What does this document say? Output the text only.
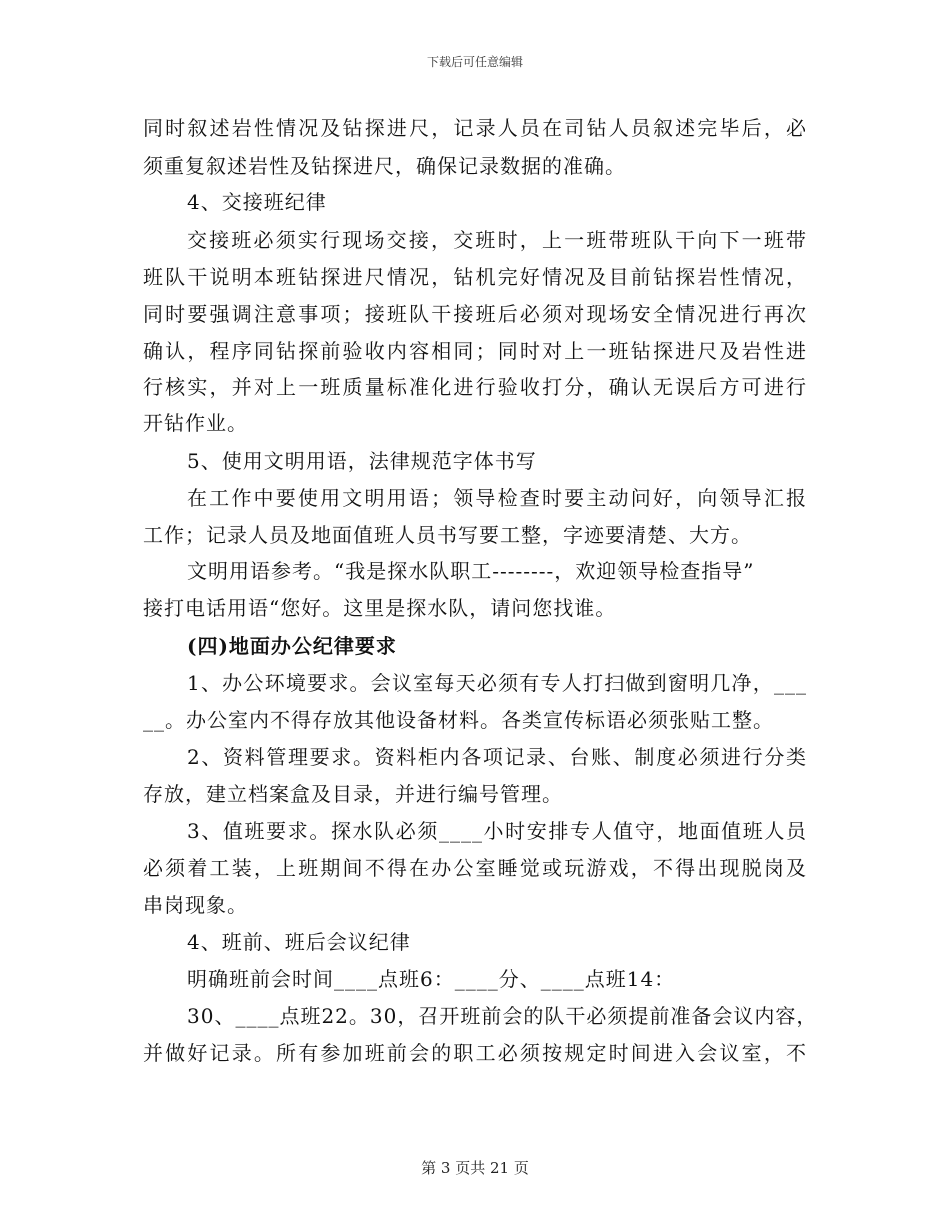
下载后可任意编辑
同时叙述岩性情况及钻探进尺，记录人员在司钻人员叙述完毕后，必
须重复叙述岩性及钻探进尺，确保记录数据的准确。
4、交接班纪律
交接班必须实行现场交接，交班时，上一班带班队干向下一班带
班队干说明本班钻探进尺情况，钻机完好情况及目前钻探岩性情况，
同时要强调注意事项；接班队干接班后必须对现场安全情况进行再次
确认，程序同钻探前验收内容相同；同时对上一班钻探进尺及岩性进
行核实，并对上一班质量标准化进行验收打分，确认无误后方可进行
开钻作业。
5、使用文明用语，法律规范字体书写
在工作中要使用文明用语；领导检查时要主动问好，向领导汇报
工作；记录人员及地面值班人员书写要工整，字迹要清楚、大方。
文明用语参考。“我是探水队职工--------，欢迎领导检查指导”
接打电话用语“您好。这里是探水队，请问您找谁。
(四)地面办公纪律要求
1、办公环境要求。会议室每天必须有专人打扫做到窗明几净，___
__。办公室内不得存放其他设备材料。各类宣传标语必须张贴工整。
2、资料管理要求。资料柜内各项记录、台账、制度必须进行分类
存放，建立档案盒及目录，并进行编号管理。
3、值班要求。探水队必须____小时安排专人值守，地面值班人员
必须着工装，上班期间不得在办公室睡觉或玩游戏，不得出现脱岗及
串岗现象。
4、班前、班后会议纪律
明确班前会时间____点班6：____分、____点班14：
30、____点班22。30，召开班前会的队干必须提前准备会议内容，
并做好记录。所有参加班前会的职工必须按规定时间进入会议室，不
第 3 页共 21 页
